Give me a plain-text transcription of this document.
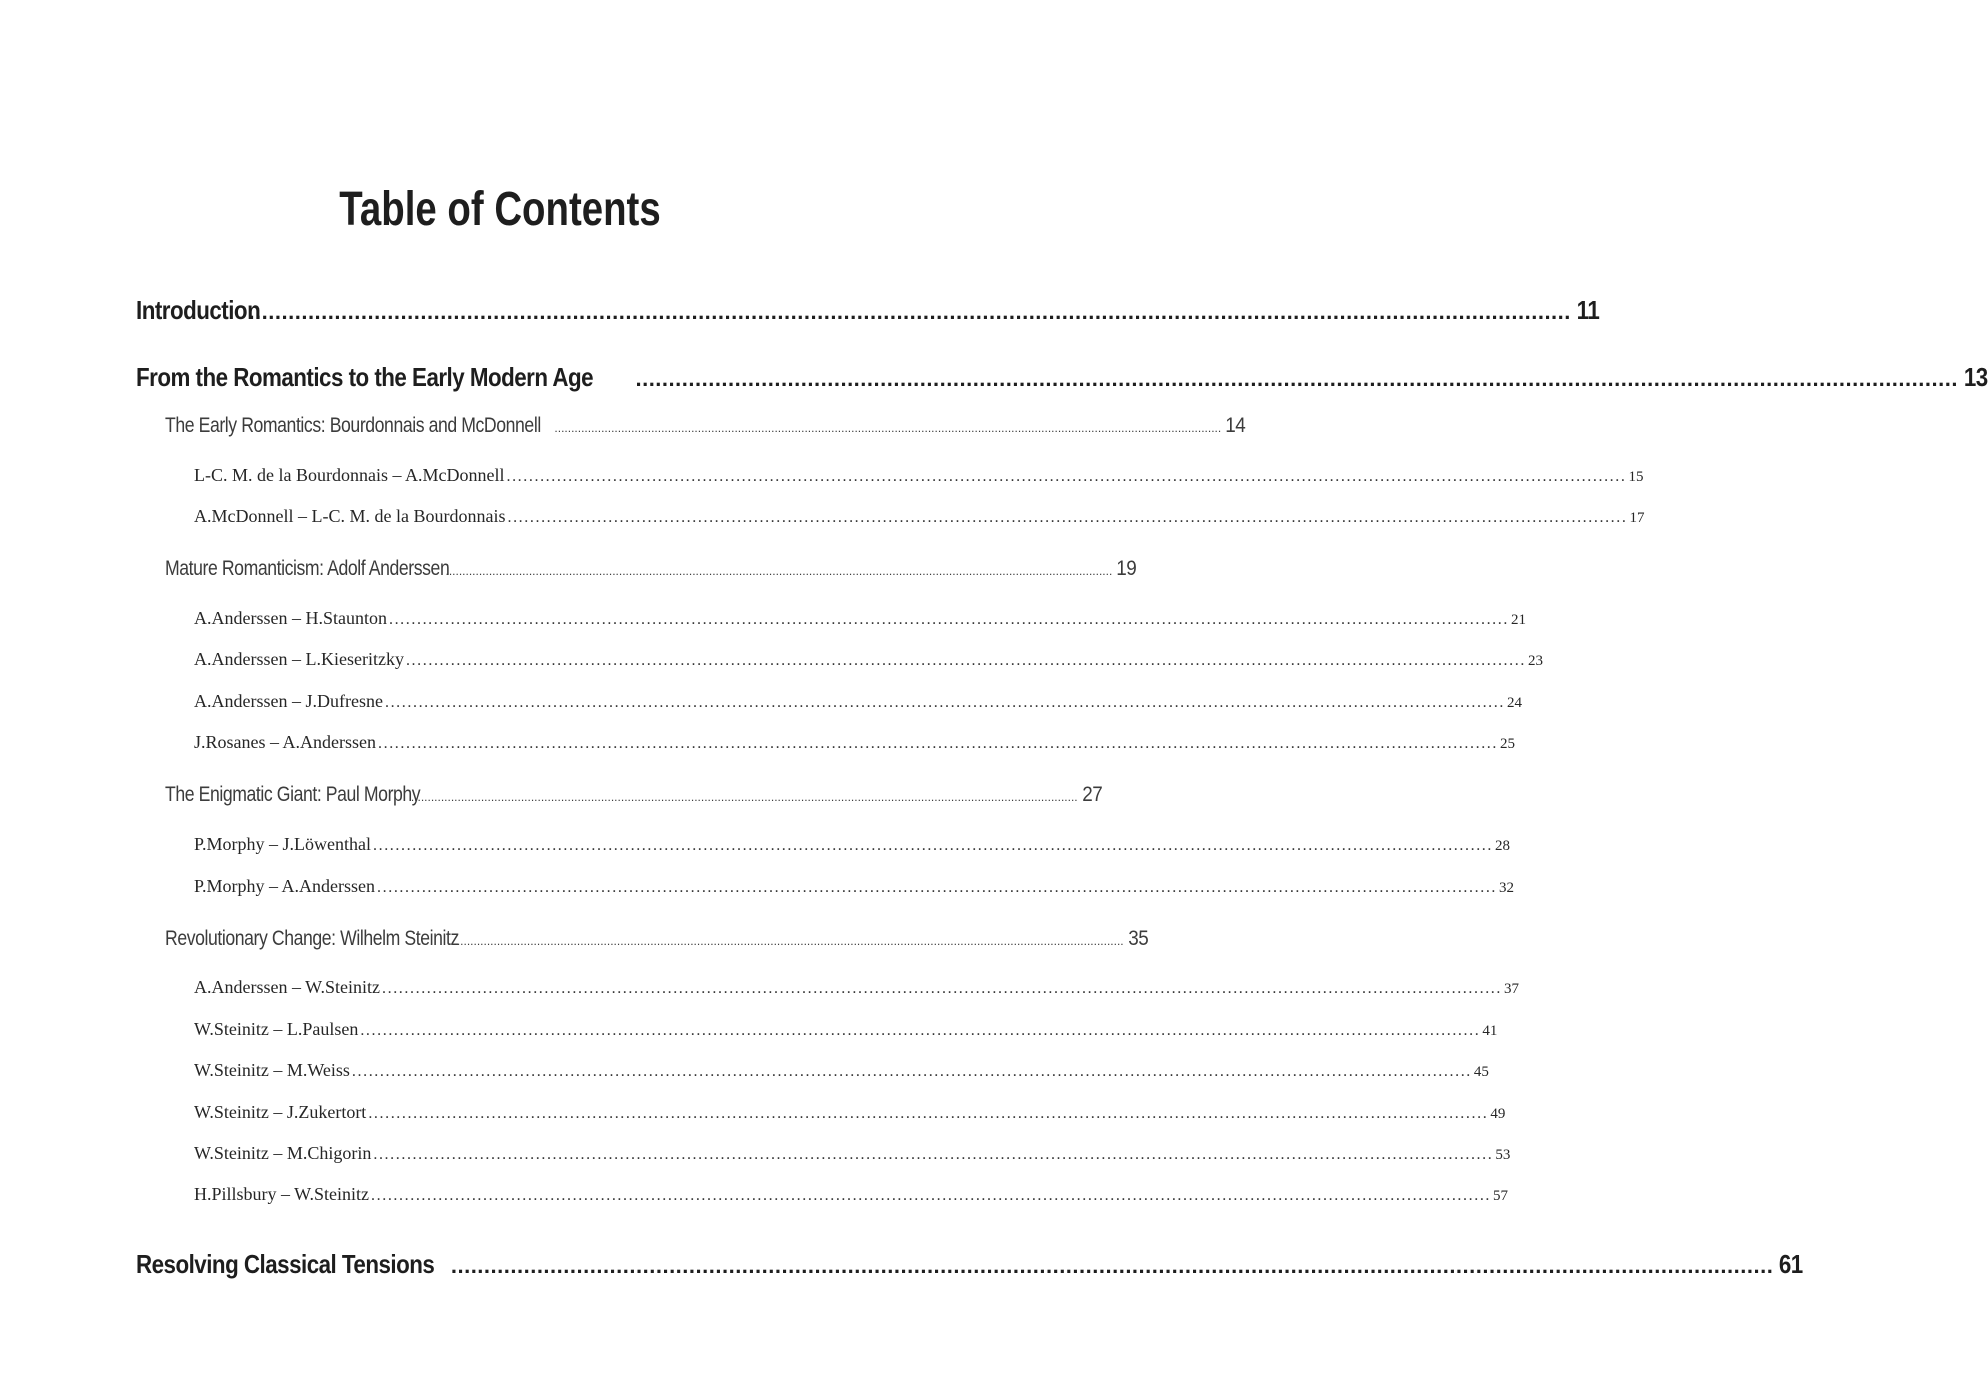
Table of Contents
Introduction
........................................................................................................................................................................................................ 11
From the Romantics to the Early Modern Age ........................................................................................................................................................................................................ 13
The Early Romantics: Bourdonnais and McDonnell ........................................................................................................................................................................................................ 14
L-C. M. de la Bourdonnais – A.McDonnell ........................................................................................................................................................................................................ 15
A.McDonnell – L-C. M. de la Bourdonnais ........................................................................................................................................................................................................ 17
Mature Romanticism: Adolf Anderssen
........................................................................................................................................................................................................ 19
A.Anderssen – H.Staunton ........................................................................................................................................................................................................ 21
A.Anderssen – L.Kieseritzky ........................................................................................................................................................................................................ 23
A.Anderssen – J.Dufresne ........................................................................................................................................................................................................ 24
J.Rosanes – A.Anderssen ........................................................................................................................................................................................................ 25
The Enigmatic Giant: Paul Morphy
........................................................................................................................................................................................................ 27
P.Morphy – J.Löwenthal ........................................................................................................................................................................................................ 28
P.Morphy – A.Anderssen ........................................................................................................................................................................................................ 32
Revolutionary Change: Wilhelm Steinitz
........................................................................................................................................................................................................ 35
A.Anderssen – W.Steinitz ........................................................................................................................................................................................................ 37
W.Steinitz – L.Paulsen ........................................................................................................................................................................................................ 41
W.Steinitz – M.Weiss ........................................................................................................................................................................................................ 45
W.Steinitz – J.Zukertort ........................................................................................................................................................................................................ 49
W.Steinitz – M.Chigorin ........................................................................................................................................................................................................ 53
H.Pillsbury – W.Steinitz ........................................................................................................................................................................................................ 57
Resolving Classical Tensions ........................................................................................................................................................................................................ 61
